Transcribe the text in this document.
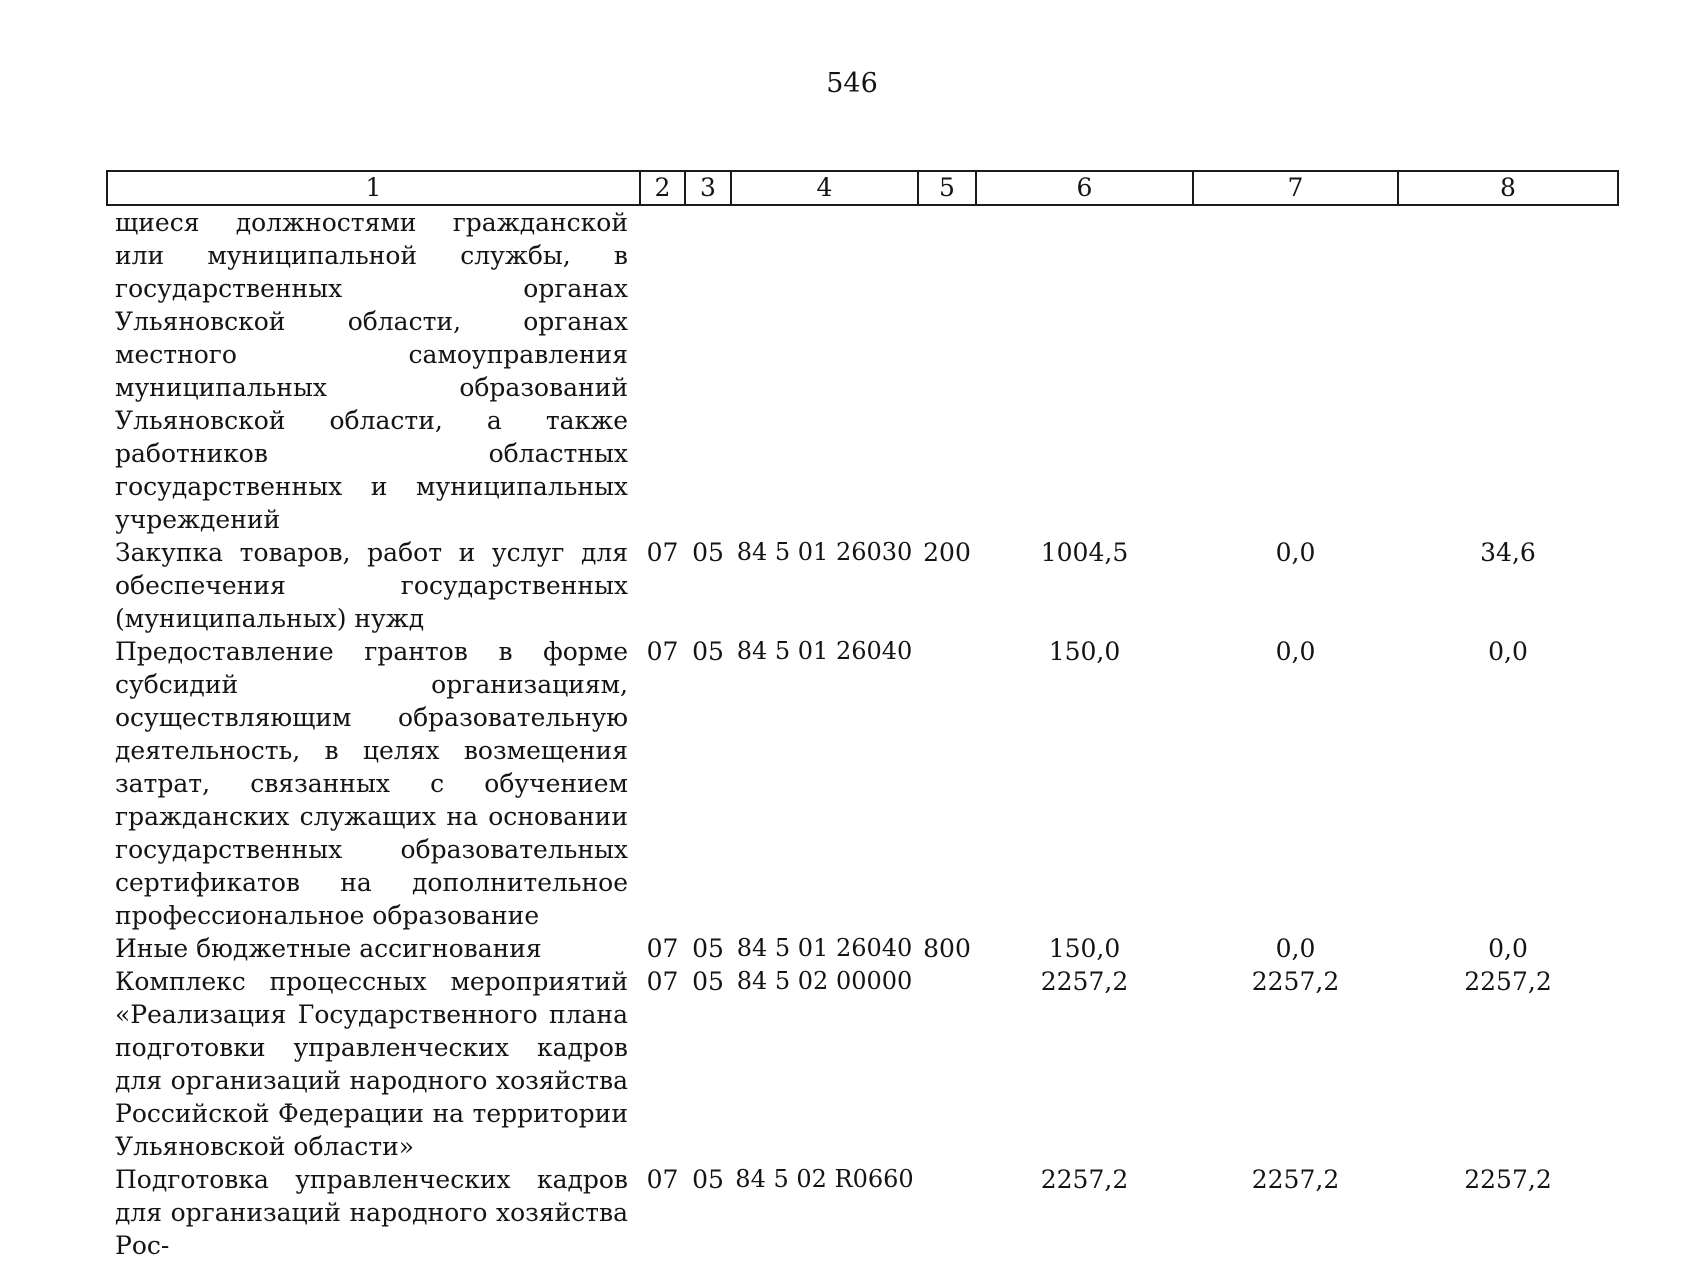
546
1	2	3	4	5	6	7	8
щиеся должностями гражданской или муниципальной службы, в государственных органах Ульяновской области, органах местного самоуправления муниципальных образований Ульяновской области, а также работников областных государственных и муниципальных учреждений							
Закупка товаров, работ и услуг для обеспечения государственных (муниципальных) нужд	07	05	84 5 01 26030	200	1004,5	0,0	34,6
Предоставление грантов в форме субсидий организациям, осуществляющим образовательную деятельность, в целях возмещения затрат, связанных с обучением гражданских служащих на основании государственных образовательных сертификатов на дополнительное профессиональное образование	07	05	84 5 01 26040		150,0	0,0	0,0
Иные бюджетные ассигнования	07	05	84 5 01 26040	800	150,0	0,0	0,0
Комплекс процессных мероприятий «Реализация Государственного плана подготовки управленческих кадров для организаций народного хозяйства Российской Федерации на территории Ульяновской области»	07	05	84 5 02 00000		2257,2	2257,2	2257,2
Подготовка управленческих кадров для организаций народного хозяйства Рос-	07	05	84 5 02 R0660		2257,2	2257,2	2257,2
